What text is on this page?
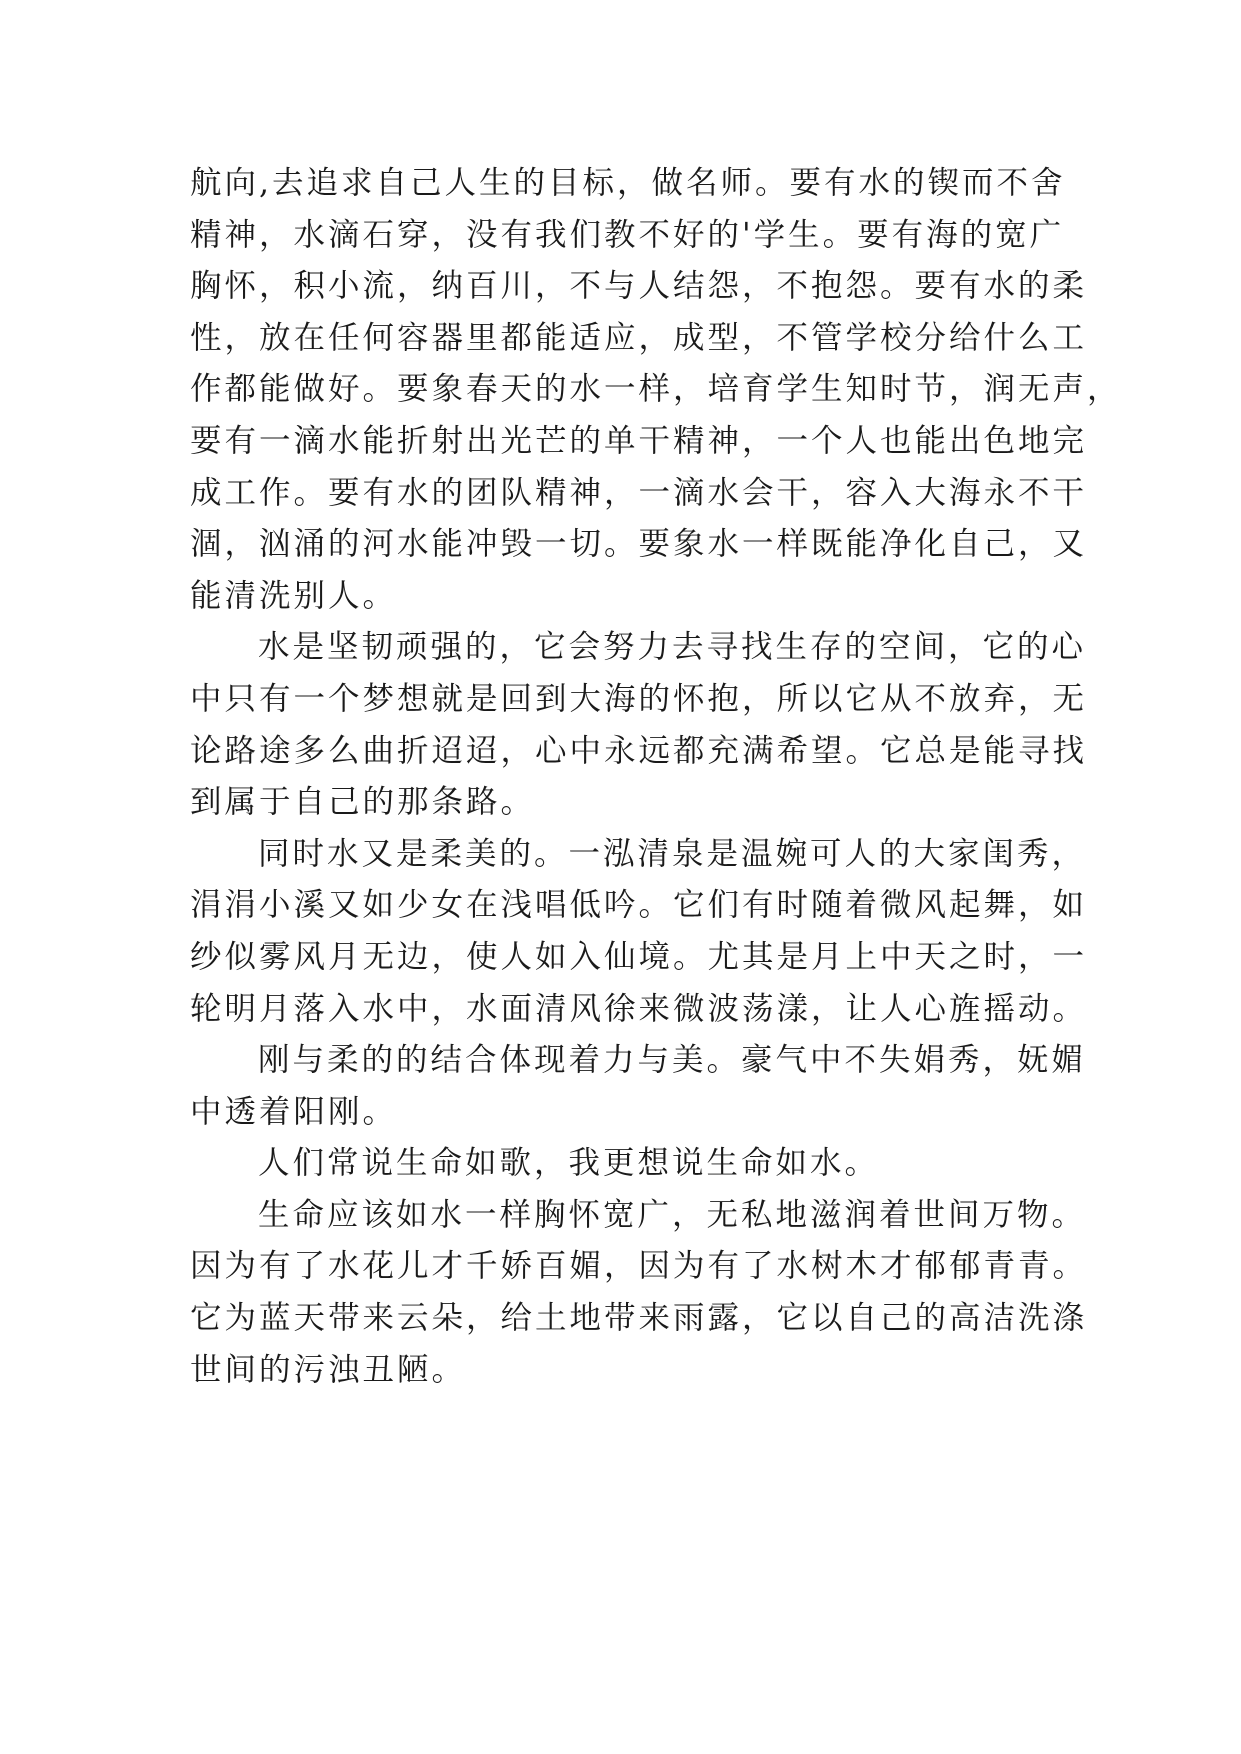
航向,去追求自己人生的目标，做名师。要有水的锲而不舍
精神，水滴石穿，没有我们教不好的'学生。要有海的宽广
胸怀，积小流，纳百川，不与人结怨，不抱怨。要有水的柔
性，放在任何容器里都能适应，成型，不管学校分给什么工
作都能做好。要象春天的水一样，培育学生知时节，润无声，
要有一滴水能折射出光芒的单干精神，一个人也能出色地完
成工作。要有水的团队精神，一滴水会干，容入大海永不干
涸，汹涌的河水能冲毁一切。要象水一样既能净化自己，又
能清洗别人。
水是坚韧顽强的，它会努力去寻找生存的空间，它的心
中只有一个梦想就是回到大海的怀抱，所以它从不放弃，无
论路途多么曲折迢迢，心中永远都充满希望。它总是能寻找
到属于自己的那条路。
同时水又是柔美的。一泓清泉是温婉可人的大家闺秀，
涓涓小溪又如少女在浅唱低吟。它们有时随着微风起舞，如
纱似雾风月无边，使人如入仙境。尤其是月上中天之时，一
轮明月落入水中，水面清风徐来微波荡漾，让人心旌摇动。
刚与柔的的结合体现着力与美。豪气中不失娟秀，妩媚
中透着阳刚。
人们常说生命如歌，我更想说生命如水。
生命应该如水一样胸怀宽广，无私地滋润着世间万物。
因为有了水花儿才千娇百媚，因为有了水树木才郁郁青青。
它为蓝天带来云朵，给土地带来雨露，它以自己的高洁洗涤
世间的污浊丑陋。
